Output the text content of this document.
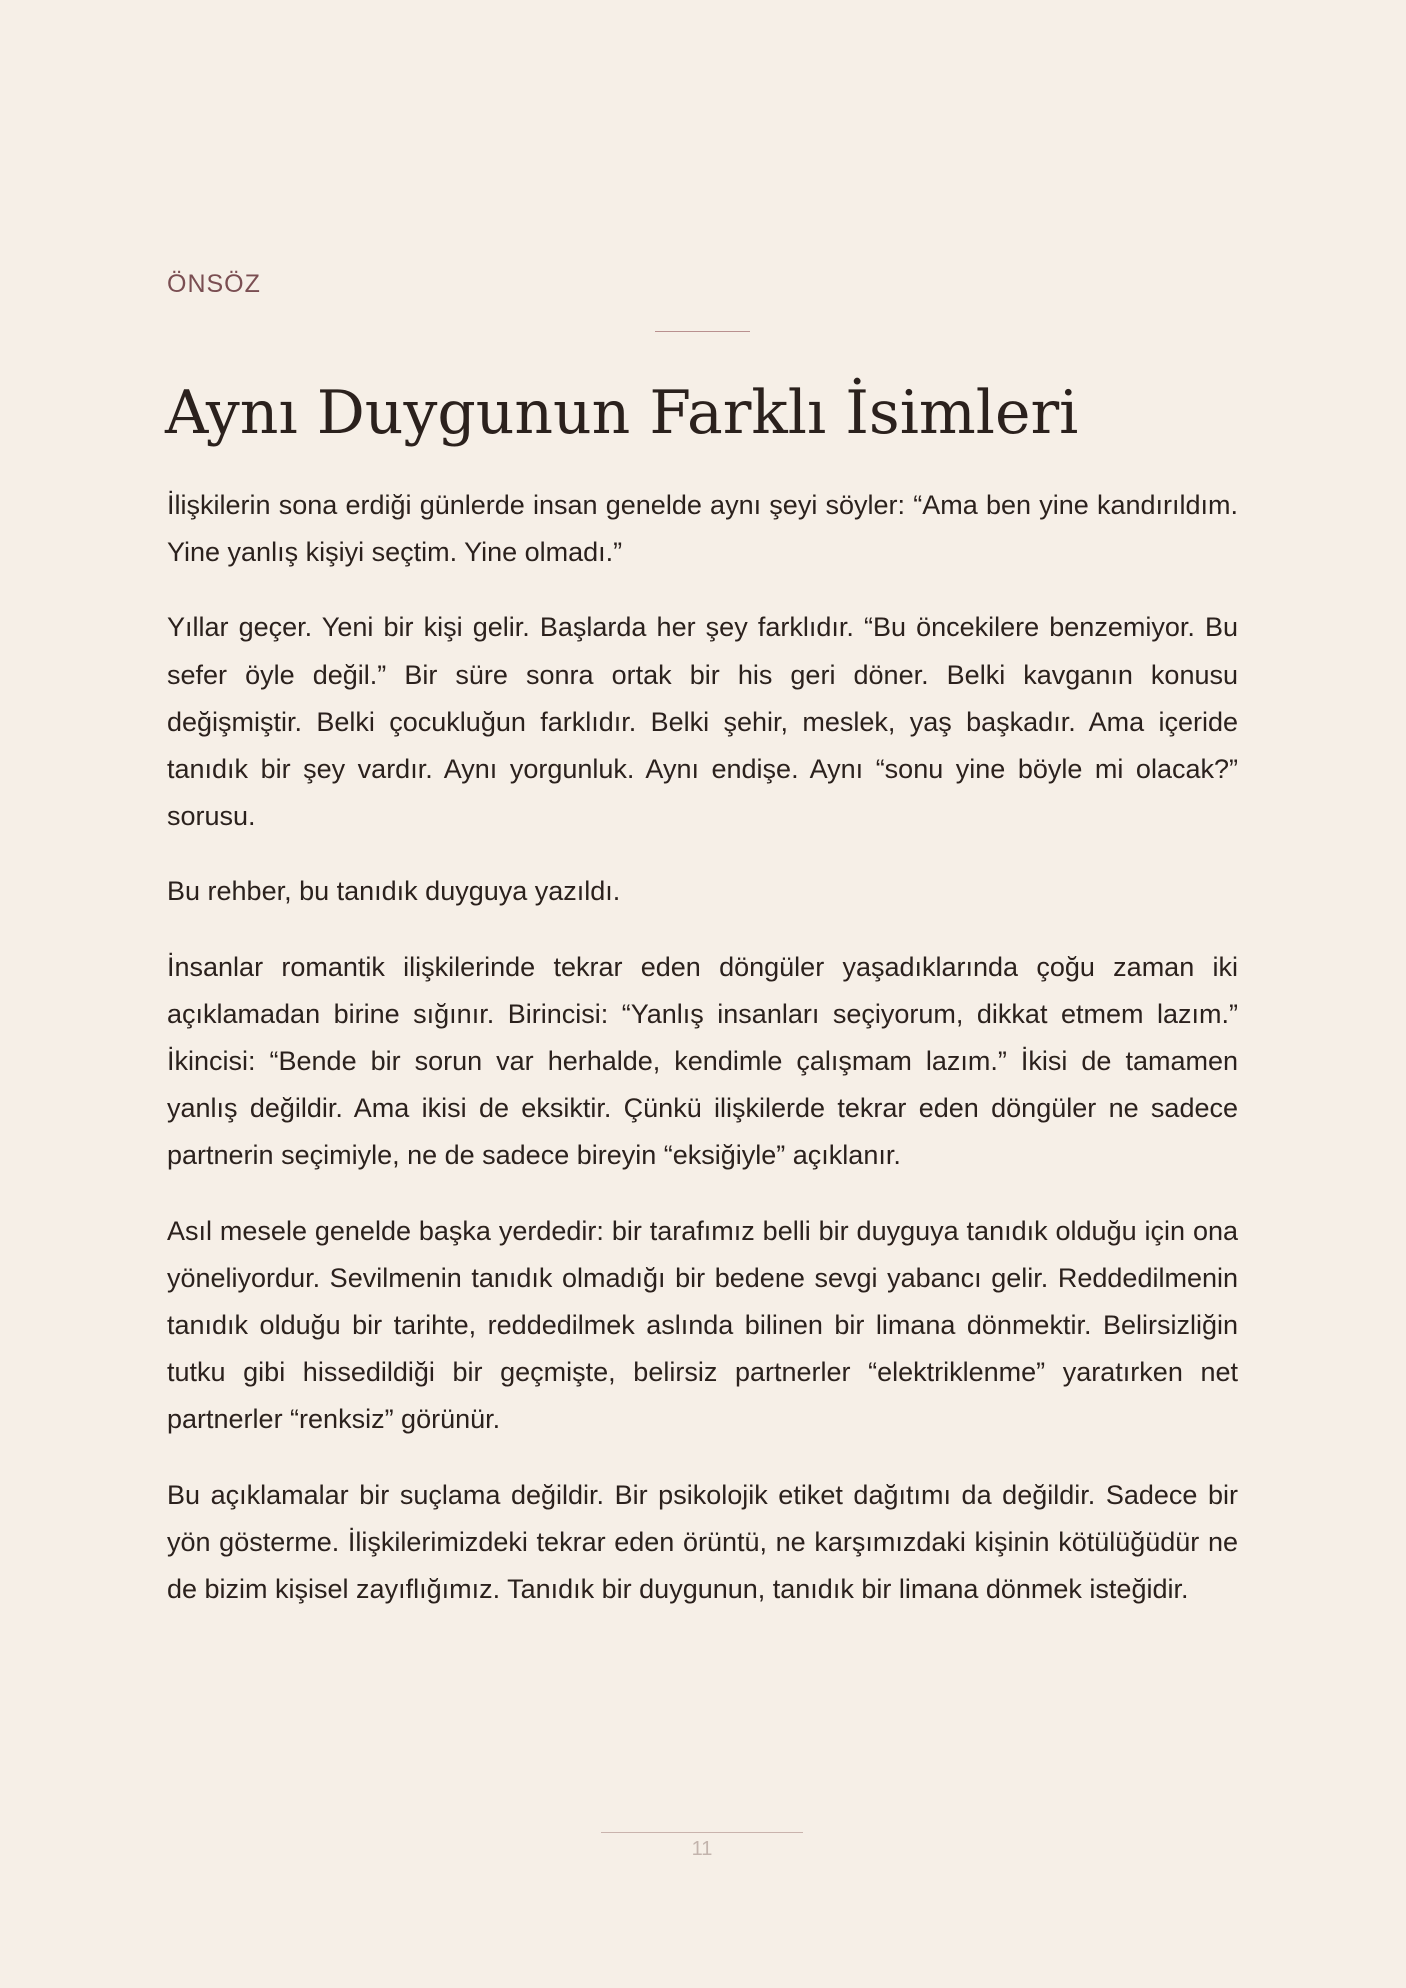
ÖNSÖZ

Aynı Duygunun Farklı İsimleri

İlişkilerin sona erdiği günlerde insan genelde aynı şeyi söyler: “Ama ben yine kandırıldım. Yine yanlış kişiyi seçtim. Yine olmadı.”

Yıllar geçer. Yeni bir kişi gelir. Başlarda her şey farklıdır. “Bu öncekilere benzemiyor. Bu sefer öyle değil.” Bir süre sonra ortak bir his geri döner. Belki kavganın konusu değişmiştir. Belki çocukluğun farklıdır. Belki şehir, meslek, yaş başkadır. Ama içeride tanıdık bir şey vardır. Aynı yorgunluk. Aynı endişe. Aynı “sonu yine böyle mi olacak?” sorusu.

Bu rehber, bu tanıdık duyguya yazıldı.

İnsanlar romantik ilişkilerinde tekrar eden döngüler yaşadıklarında çoğu zaman iki açıklamadan birine sığınır. Birincisi: “Yanlış insanları seçiyorum, dikkat etmem lazım.” İkincisi: “Bende bir sorun var herhalde, kendimle çalışmam lazım.” İkisi de tamamen yanlış değildir. Ama ikisi de eksiktir. Çünkü ilişkilerde tekrar eden döngüler ne sadece partnerin seçimiyle, ne de sadece bireyin “eksiğiyle” açıklanır.

Asıl mesele genelde başka yerdedir: bir tarafımız belli bir duyguya tanıdık olduğu için ona yöneliyordur. Sevilmenin tanıdık olmadığı bir bedene sevgi yabancı gelir. Reddedilmenin tanıdık olduğu bir tarihte, reddedilmek aslında bilinen bir limana dönmektir. Belirsizliğin tutku gibi hissedildiği bir geçmişte, belirsiz partnerler “elektriklenme” yaratırken net partnerler “renksiz” görünür.

Bu açıklamalar bir suçlama değildir. Bir psikolojik etiket dağıtımı da değildir. Sadece bir yön gösterme. İlişkilerimizdeki tekrar eden örüntü, ne karşımızdaki kişinin kötülüğüdür ne de bizim kişisel zayıflığımız. Tanıdık bir duygunun, tanıdık bir limana dönmek isteğidir.

11
